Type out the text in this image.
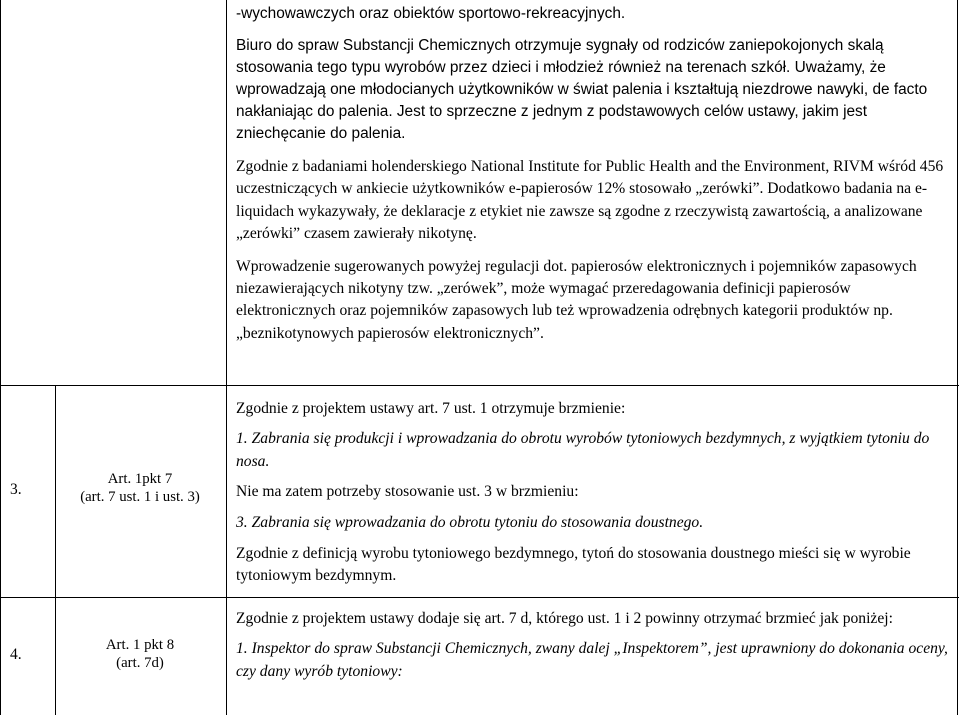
-wychowawczych oraz obiektów sportowo-rekreacyjnych.

Biuro do spraw Substancji Chemicznych otrzymuje sygnały od rodziców zaniepokojonych skalą stosowania tego typu wyrobów przez dzieci i młodzież również na terenach szkół. Uważamy, że wprowadzają one młodocianych użytkowników w świat palenia i kształtują niezdrowe nawyki, de facto nakłaniając do palenia. Jest to sprzeczne z jednym z podstawowych celów ustawy, jakim jest zniechęcanie do palenia.

Zgodnie z badaniami holenderskiego National Institute for Public Health and the Environment, RIVM wśród 456 uczestniczących w ankiecie użytkowników e-papierosów 12% stosowało „zerówki”. Dodatkowo badania na e-liquidach wykazywały, że deklaracje z etykiet nie zawsze są zgodne z rzeczywistą zawartością, a analizowane „zerówki” czasem zawierały nikotynę.

Wprowadzenie sugerowanych powyżej regulacji dot. papierosów elektronicznych i pojemników zapasowych niezawierających nikotyny tzw. „zerówek”, może wymagać przeredagowania definicji papierosów elektronicznych oraz pojemników zapasowych lub też wprowadzenia odrębnych kategorii produktów np. „beznikotynowych papierosów elektronicznych”.

3.
Art. 1pkt 7
(art. 7 ust. 1 i ust. 3)

Zgodnie z projektem ustawy art. 7 ust. 1 otrzymuje brzmienie:

1. Zabrania się produkcji i wprowadzania do obrotu wyrobów tytoniowych bezdymnych, z wyjątkiem tytoniu do nosa.

Nie ma zatem potrzeby stosowanie ust. 3 w brzmieniu:

3. Zabrania się wprowadzania do obrotu tytoniu do stosowania doustnego.

Zgodnie z definicją wyrobu tytoniowego bezdymnego, tytoń do stosowania doustnego mieści się w wyrobie tytoniowym bezdymnym.

4.
Art. 1 pkt 8
(art. 7d)

Zgodnie z projektem ustawy dodaje się art. 7 d, którego ust. 1 i 2 powinny otrzymać brzmieć jak poniżej:

1. Inspektor do spraw Substancji Chemicznych, zwany dalej „Inspektorem”, jest uprawniony do dokonania oceny, czy dany wyrób tytoniowy:
